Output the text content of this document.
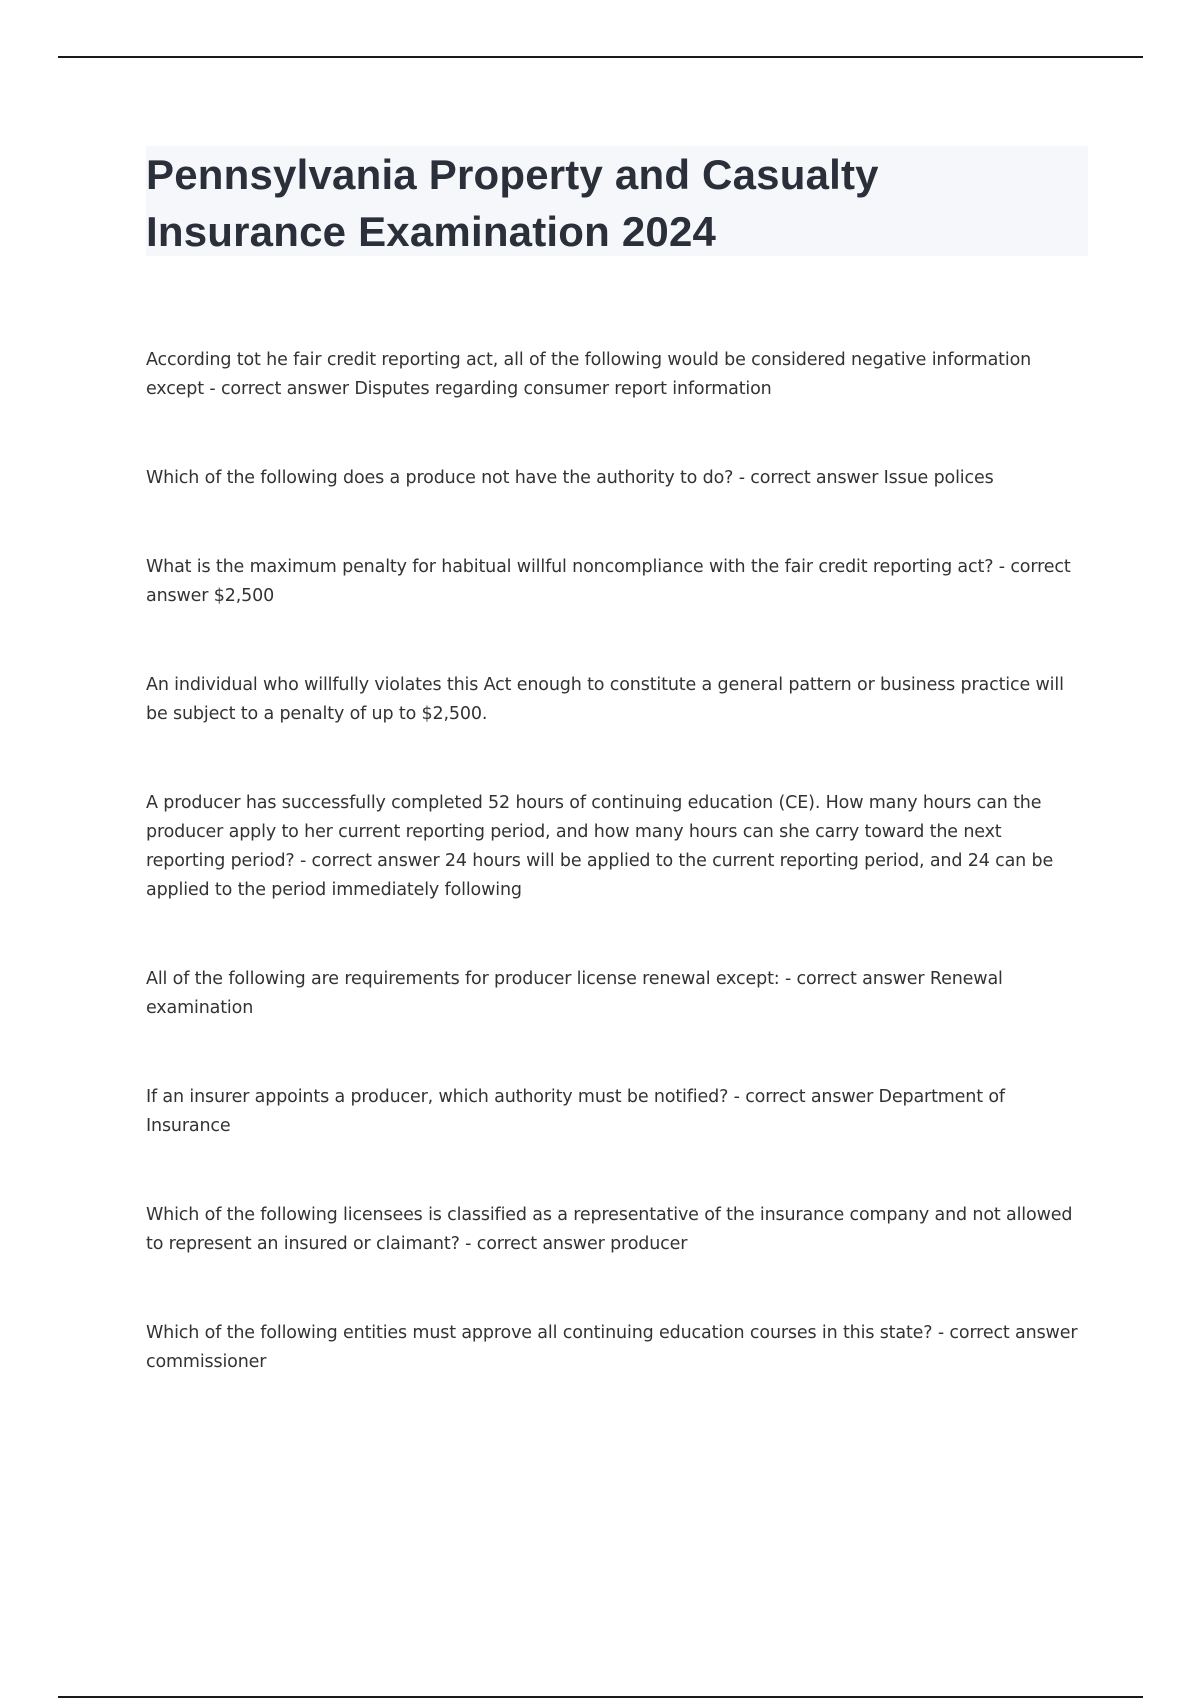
Pennsylvania Property and Casualty Insurance Examination 2024

According tot he fair credit reporting act, all of the following would be considered negative information except - correct answer Disputes regarding consumer report information

Which of the following does a produce not have the authority to do? - correct answer Issue polices

What is the maximum penalty for habitual willful noncompliance with the fair credit reporting act? - correct answer $2,500

An individual who willfully violates this Act enough to constitute a general pattern or business practice will be subject to a penalty of up to $2,500.

A producer has successfully completed 52 hours of continuing education (CE). How many hours can the producer apply to her current reporting period, and how many hours can she carry toward the next reporting period? - correct answer 24 hours will be applied to the current reporting period, and 24 can be applied to the period immediately following

All of the following are requirements for producer license renewal except: - correct answer Renewal examination

If an insurer appoints a producer, which authority must be notified? - correct answer Department of Insurance

Which of the following licensees is classified as a representative of the insurance company and not allowed to represent an insured or claimant? - correct answer producer

Which of the following entities must approve all continuing education courses in this state? - correct answer commissioner
